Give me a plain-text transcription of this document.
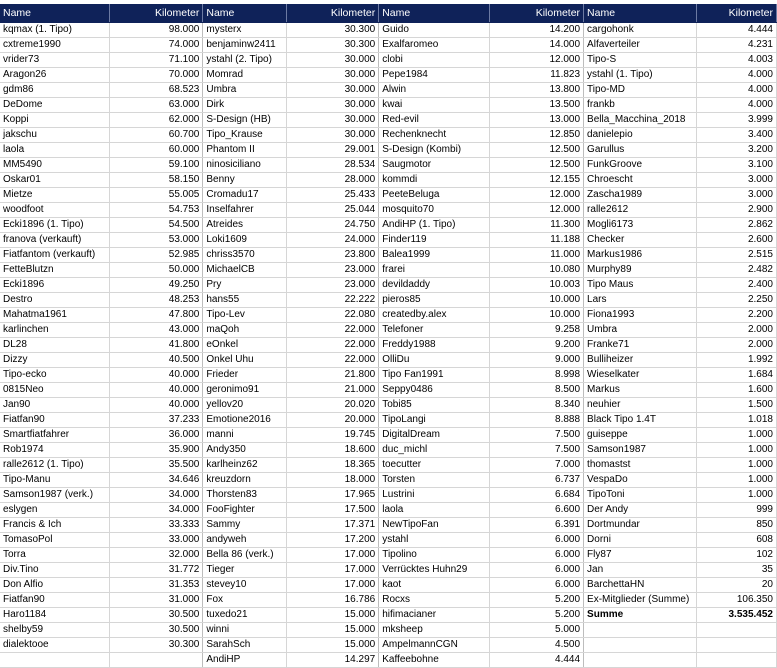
Name	Kilometer	Name	Kilometer	Name	Kilometer	Name	Kilometer
kqmax (1. Tipo)	98.000	mysterx	30.300	Guido	14.200	cargohonk	4.444
cxtreme1990	74.000	benjaminw2411	30.300	Exalfaromeo	14.000	Alfaverteiler	4.231
vrider73	71.100	ystahl (2. Tipo)	30.000	clobi	12.000	Tipo-S	4.003
Aragon26	70.000	Momrad	30.000	Pepe1984	11.823	ystahl (1. Tipo)	4.000
gdm86	68.523	Umbra	30.000	Alwin	13.800	Tipo-MD	4.000
DeDome	63.000	Dirk	30.000	kwai	13.500	frankb	4.000
Koppi	62.000	S-Design (HB)	30.000	Red-evil	13.000	Bella_Macchina_2018	3.999
jakschu	60.700	Tipo_Krause	30.000	Rechenknecht	12.850	danielepio	3.400
laola	60.000	Phantom II	29.001	S-Design (Kombi)	12.500	Garullus	3.200
MM5490	59.100	ninosiciliano	28.534	Saugmotor	12.500	FunkGroove	3.100
Oskar01	58.150	Benny	28.000	kommdi	12.155	Chroescht	3.000
Mietze	55.005	Cromadu17	25.433	PeeteBeluga	12.000	Zascha1989	3.000
woodfoot	54.753	Inselfahrer	25.044	mosquito70	12.000	ralle2612	2.900
Ecki1896 (1. Tipo)	54.500	Atreides	24.750	AndiHP (1. Tipo)	11.300	Mogli6173	2.862
franova (verkauft)	53.000	Loki1609	24.000	Finder119	11.188	Checker	2.600
Fiatfantom (verkauft)	52.985	chriss3570	23.800	Balea1999	11.000	Markus1986	2.515
FetteBlutzn	50.000	MichaelCB	23.000	frarei	10.080	Murphy89	2.482
Ecki1896	49.250	Pry	23.000	devildaddy	10.003	Tipo Maus	2.400
Destro	48.253	hans55	22.222	pieros85	10.000	Lars	2.250
Mahatma1961	47.800	Tipo-Lev	22.080	createdby.alex	10.000	Fiona1993	2.200
karlinchen	43.000	maQoh	22.000	Telefoner	9.258	Umbra	2.000
DL28	41.800	eOnkel	22.000	Freddy1988	9.200	Franke71	2.000
Dizzy	40.500	Onkel Uhu	22.000	OlliDu	9.000	Bulliheizer	1.992
Tipo-ecko	40.000	Frieder	21.800	Tipo Fan1991	8.998	Wieselkater	1.684
0815Neo	40.000	geronimo91	21.000	Seppy0486	8.500	Markus	1.600
Jan90	40.000	yellov20	20.020	Tobi85	8.340	neuhier	1.500
Fiatfan90	37.233	Emotione2016	20.000	TipoLangi	8.888	Black Tipo 1.4T	1.018
Smartfiatfahrer	36.000	manni	19.745	DigitalDream	7.500	guiseppe	1.000
Rob1974	35.900	Andy350	18.600	duc_michl	7.500	Samson1987	1.000
ralle2612 (1. Tipo)	35.500	karlheinz62	18.365	toecutter	7.000	thomastst	1.000
Tipo-Manu	34.646	kreuzdorn	18.000	Torsten	6.737	VespaDo	1.000
Samson1987 (verk.)	34.000	Thorsten83	17.965	Lustrini	6.684	TipoToni	1.000
eslygen	34.000	FooFighter	17.500	laola	6.600	Der Andy	999
Francis & Ich	33.333	Sammy	17.371	NewTipoFan	6.391	Dortmundar	850
TomasoPol	33.000	andyweh	17.200	ystahl	6.000	Dorni	608
Torra	32.000	Bella 86 (verk.)	17.000	Tipolino	6.000	Fly87	102
Div.Tino	31.772	Tieger	17.000	Verrücktes Huhn29	6.000	Jan	35
Don Alfio	31.353	stevey10	17.000	kaot	6.000	BarchettaHN	20
Fiatfan90	31.000	Fox	16.786	Rocxs	5.200	Ex-Mitglieder (Summe)	106.350
Haro1184	30.500	tuxedo21	15.000	hifimacianer	5.200	Summe	3.535.452
shelby59	30.500	winni	15.000	mksheep	5.000		
dialektooe	30.300	SarahSch	15.000	AmpelmannCGN	4.500		
		AndiHP	14.297	Kaffeebohne	4.444		
